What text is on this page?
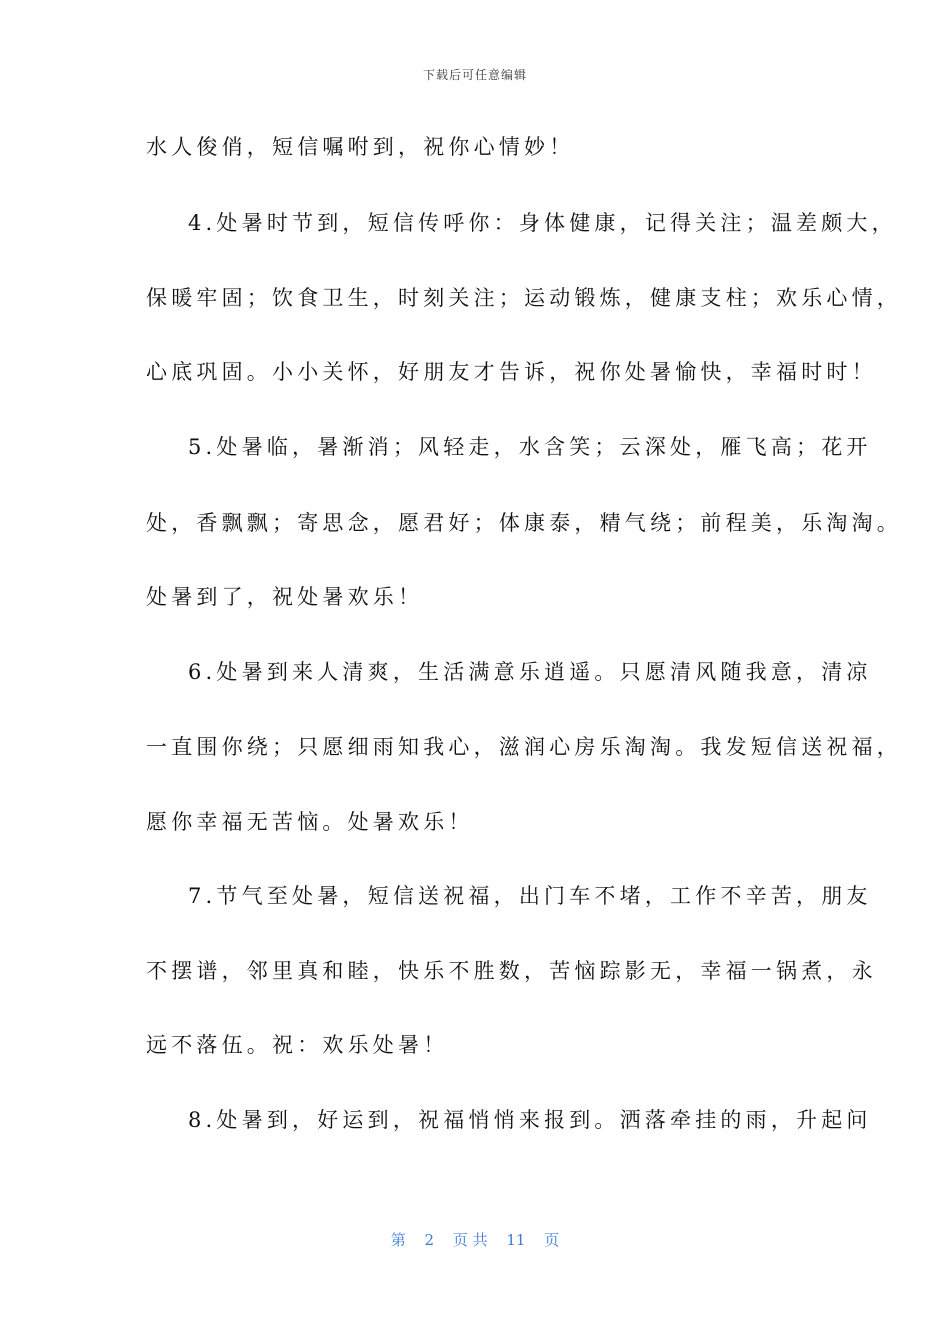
下载后可任意编辑
水人俊俏，短信嘱咐到，祝你心情妙！
4.处暑时节到，短信传呼你：身体健康，记得关注；温差颇大，
保暖牢固；饮食卫生，时刻关注；运动锻炼，健康支柱；欢乐心情，
心底巩固。小小关怀，好朋友才告诉，祝你处暑愉快，幸福时时！
5.处暑临，暑渐消；风轻走，水含笑；云深处，雁飞高；花开
处，香飘飘；寄思念，愿君好；体康泰，精气绕；前程美，乐淘淘。
处暑到了，祝处暑欢乐！
6.处暑到来人清爽，生活满意乐逍遥。只愿清风随我意，清凉
一直围你绕；只愿细雨知我心，滋润心房乐淘淘。我发短信送祝福，
愿你幸福无苦恼。处暑欢乐！
7.节气至处暑，短信送祝福，出门车不堵，工作不辛苦，朋友
不摆谱，邻里真和睦，快乐不胜数，苦恼踪影无，幸福一锅煮，永
远不落伍。祝：欢乐处暑！
8.处暑到，好运到，祝福悄悄来报到。洒落牵挂的雨，升起问
第 2 页 共 11 页
